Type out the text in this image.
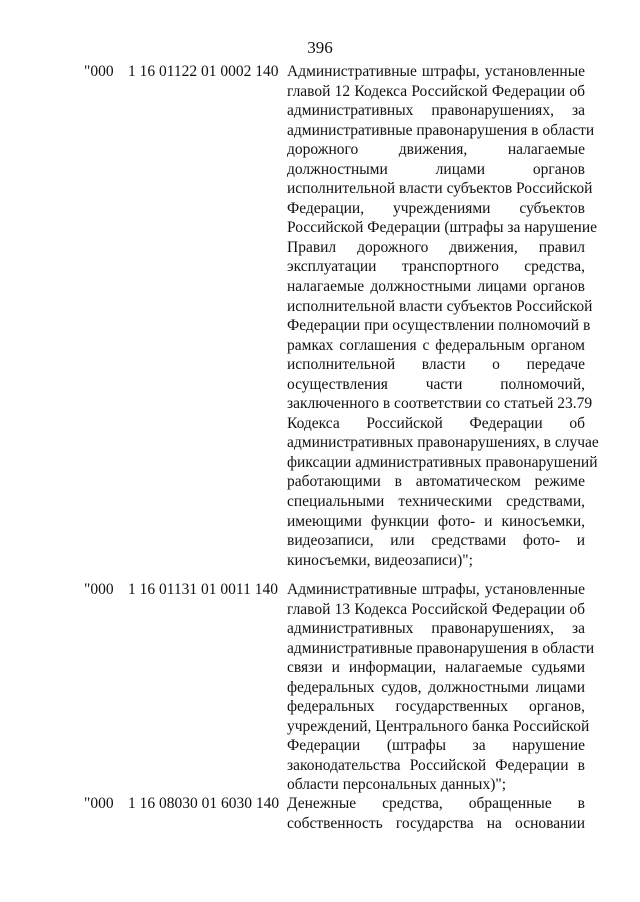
396
"000 1 16 01122 01 0002 140 Административные штрафы, установленные
главой 12 Кодекса Российской Федерации об
административных правонарушениях, за
административные правонарушения в области
дорожного движения, налагаемые
должностными лицами органов
исполнительной власти субъектов Российской
Федерации, учреждениями субъектов
Российской Федерации (штрафы за нарушение
Правил дорожного движения, правил
эксплуатации транспортного средства,
налагаемые должностными лицами органов
исполнительной власти субъектов Российской
Федерации при осуществлении полномочий в
рамках соглашения с федеральным органом
исполнительной власти о передаче
осуществления части полномочий,
заключенного в соответствии со статьей 23.79
Кодекса Российской Федерации об
административных правонарушениях, в случае
фиксации административных правонарушений
работающими в автоматическом режиме
специальными техническими средствами,
имеющими функции фото- и киносъемки,
видеозаписи, или средствами фото- и
киносъемки, видеозаписи)";
"000 1 16 01131 01 0011 140 Административные штрафы, установленные
главой 13 Кодекса Российской Федерации об
административных правонарушениях, за
административные правонарушения в области
связи и информации, налагаемые судьями
федеральных судов, должностными лицами
федеральных государственных органов,
учреждений, Центрального банка Российской
Федерации (штрафы за нарушение
законодательства Российской Федерации в
области персональных данных)";
"000 1 16 08030 01 6030 140 Денежные средства, обращенные в
собственность государства на основании
